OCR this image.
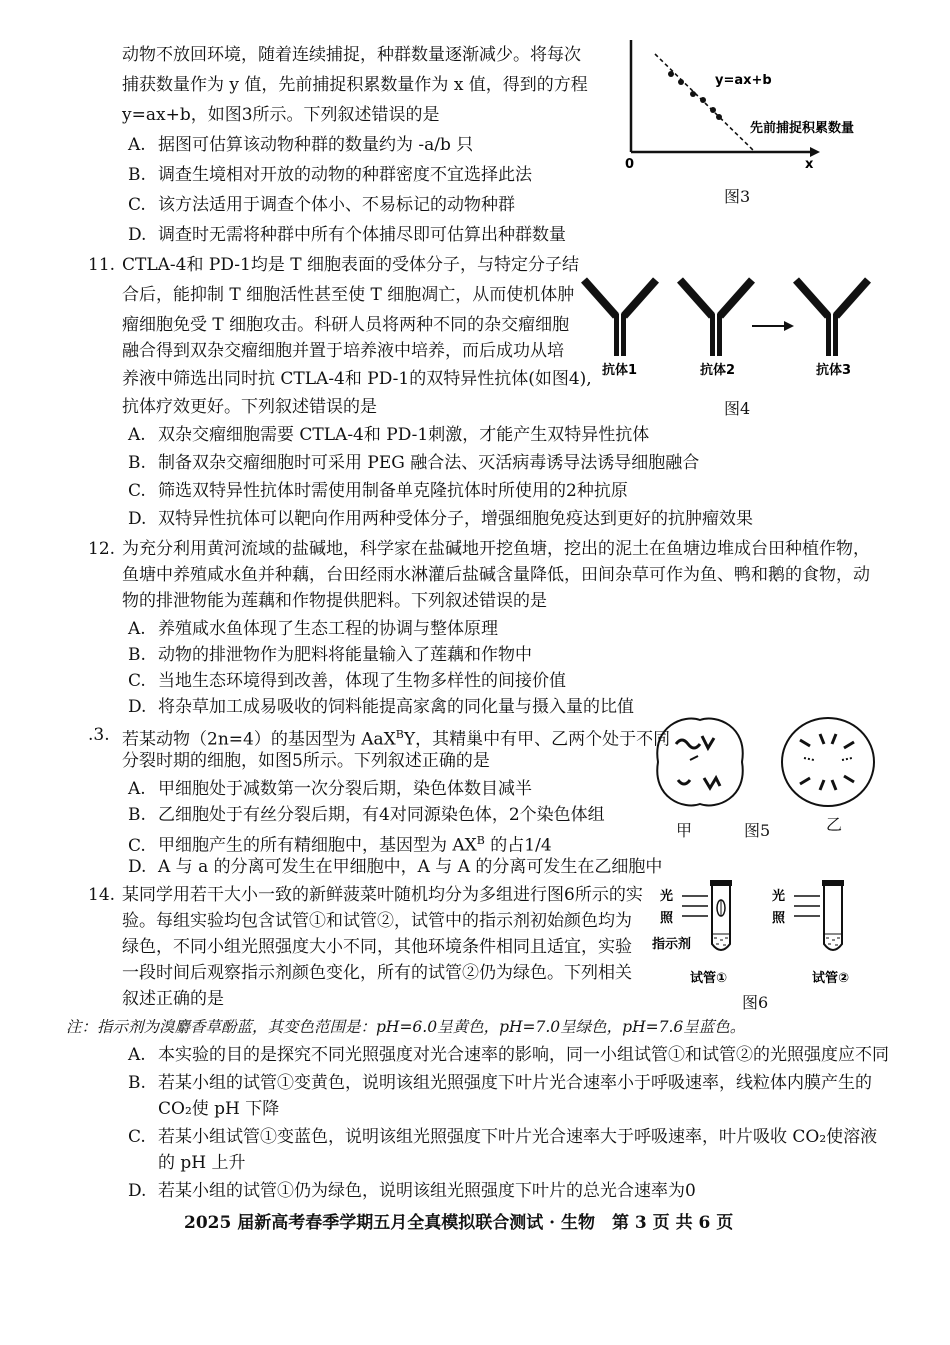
动物不放回环境，随着连续捕捉，种群数量逐渐减少。将每次
捕获数量作为 y 值，先前捕捉积累数量作为 x 值，得到的方程
y=ax+b，如图3所示。下列叙述错误的是
A. 据图可估算该动物种群的数量约为 -a/b 只
B. 调查生境相对开放的动物的种群密度不宜选择此法
C. 该方法适用于调查个体小、不易标记的动物种群
D. 调查时无需将种群中所有个体捕尽即可估算出种群数量
y=ax+b
先前捕捉积累数量
0	x
图3
11. CTLA-4和 PD-1均是 T 细胞表面的受体分子，与特定分子结
合后，能抑制 T 细胞活性甚至使 T 细胞凋亡，从而使机体肿
瘤细胞免受 T 细胞攻击。科研人员将两种不同的杂交瘤细胞
融合得到双杂交瘤细胞并置于培养液中培养，而后成功从培
养液中筛选出同时抗 CTLA-4和 PD-1的双特异性抗体(如图4),
抗体疗效更好。下列叙述错误的是
A. 双杂交瘤细胞需要 CTLA-4和 PD-1刺激，才能产生双特异性抗体
B. 制备双杂交瘤细胞时可采用 PEG 融合法、灭活病毒诱导法诱导细胞融合
C. 筛选双特异性抗体时需使用制备单克隆抗体时所使用的2种抗原
D. 双特异性抗体可以靶向作用两种受体分子，增强细胞免疫达到更好的抗肿瘤效果
抗体1	抗体2	抗体3
图4
12. 为充分利用黄河流域的盐碱地，科学家在盐碱地开挖鱼塘，挖出的泥土在鱼塘边堆成台田种植作物，
鱼塘中养殖咸水鱼并种藕，台田经雨水淋灌后盐碱含量降低，田间杂草可作为鱼、鸭和鹅的食物，动
物的排泄物能为莲藕和作物提供肥料。下列叙述错误的是
A. 养殖咸水鱼体现了生态工程的协调与整体原理
B. 动物的排泄物作为肥料将能量输入了莲藕和作物中
C. 当地生态环境得到改善，体现了生物多样性的间接价值
D. 将杂草加工成易吸收的饲料能提高家禽的同化量与摄入量的比值
.3. 若某动物（2n=4）的基因型为 AaX$^B$Y，其精巢中有甲、乙两个处于不同
分裂时期的细胞，如图5所示。下列叙述正确的是
A. 甲细胞处于减数第一次分裂后期，染色体数目减半
B. 乙细胞处于有丝分裂后期，有4对同源染色体，2个染色体组
C. 甲细胞产生的所有精细胞中，基因型为 $AX^B$ 的占1/4
D. A 与 a 的分离可发生在甲细胞中，A 与 A 的分离可发生在乙细胞中
甲	图5	乙
14. 某同学用若干大小一致的新鲜菠菜叶随机均分为多组进行图6所示的实
验。每组实验均包含试管①和试管②，试管中的指示剂初始颜色均为
绿色，不同小组光照强度大小不同，其他环境条件相同且适宜，实验
一段时间后观察指示剂颜色变化，所有的试管②仍为绿色。下列相关
叙述正确的是
光
照
指示剂
试管①
光
照
试管②
图6
注：指示剂为溴麝香草酚蓝，其变色范围是：pH=6.0呈黄色，pH=7.0呈绿色，pH=7.6呈蓝色。
A. 本实验的目的是探究不同光照强度对光合速率的影响，同一小组试管①和试管②的光照强度应不同
B. 若某小组的试管①变黄色，说明该组光照强度下叶片光合速率小于呼吸速率，线粒体内膜产生的
CO₂使 pH 下降
C. 若某小组试管①变蓝色，说明该组光照强度下叶片光合速率大于呼吸速率，叶片吸收 CO₂使溶液
的 pH 上升
D. 若某小组的试管①仍为绿色，说明该组光照强度下叶片的总光合速率为0
2025 届新高考春季学期五月全真模拟联合测试 · 生物　第 3 页 共 6 页
